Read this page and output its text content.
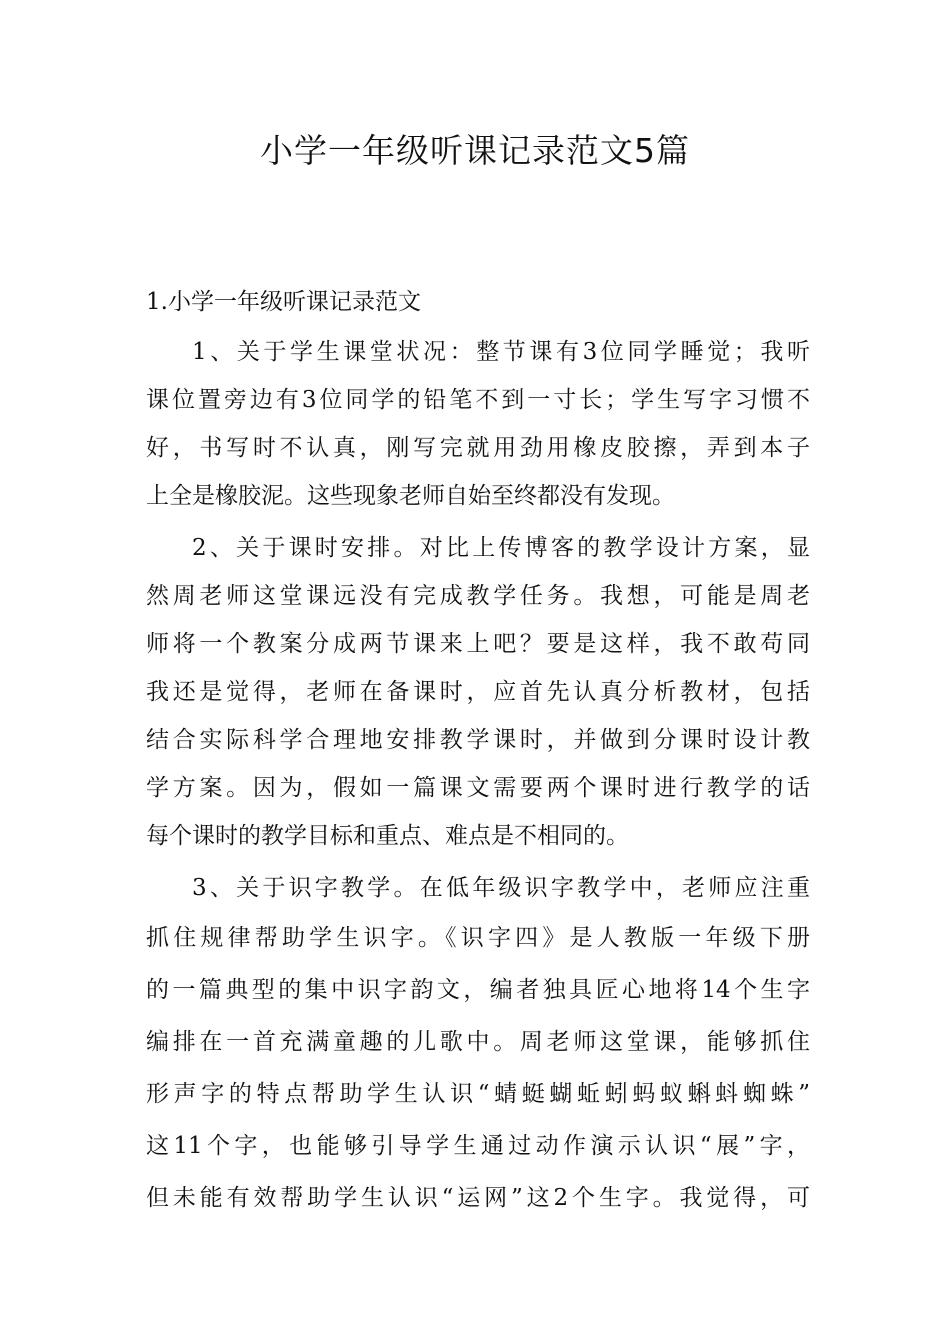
小学一年级听课记录范文5篇
1.小学一年级听课记录范文
1、关于学生课堂状况：整节课有3位同学睡觉；我听
课位置旁边有3位同学的铅笔不到一寸长；学生写字习惯不
好，书写时不认真，刚写完就用劲用橡皮胶擦，弄到本子
上全是橡胶泥。这些现象老师自始至终都没有发现。
2、关于课时安排。对比上传博客的教学设计方案，显
然周老师这堂课远没有完成教学任务。我想，可能是周老
师将一个教案分成两节课来上吧？要是这样，我不敢苟同
我还是觉得，老师在备课时，应首先认真分析教材，包括
结合实际科学合理地安排教学课时，并做到分课时设计教
学方案。因为，假如一篇课文需要两个课时进行教学的话
每个课时的教学目标和重点、难点是不相同的。
3、关于识字教学。在低年级识字教学中，老师应注重
抓住规律帮助学生识字。《识字四》是人教版一年级下册
的一篇典型的集中识字韵文，编者独具匠心地将14个生字
编排在一首充满童趣的儿歌中。周老师这堂课，能够抓住
形声字的特点帮助学生认识“蜻蜓蝴蚯蚓蚂蚁蝌蚪蜘蛛”
这11个字，也能够引导学生通过动作演示认识“展”字，
但未能有效帮助学生认识“运网”这2个生字。我觉得，可
